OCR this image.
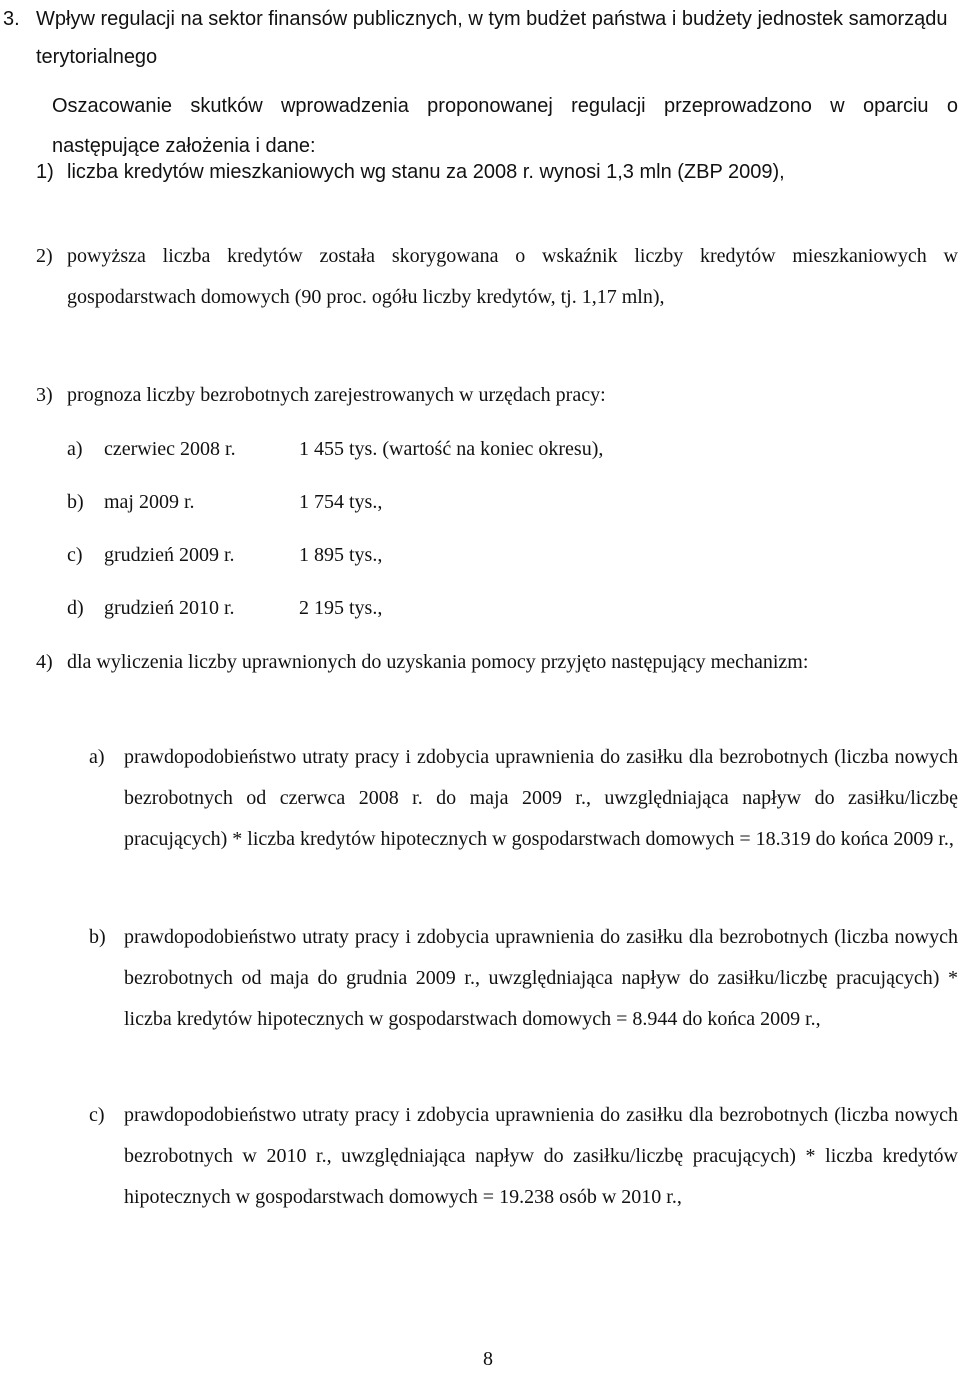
3. Wpływ regulacji na sektor finansów publicznych, w tym budżet państwa i budżety jednostek samorządu terytorialnego
Oszacowanie skutków wprowadzenia proponowanej regulacji przeprowadzono w oparciu o następujące założenia i dane:
1) liczba kredytów mieszkaniowych wg stanu za 2008 r. wynosi 1,3 mln (ZBP 2009),
2) powyższa liczba kredytów została skorygowana o wskaźnik liczby kredytów mieszkaniowych w gospodarstwach domowych (90 proc. ogółu liczby kredytów, tj. 1,17 mln),
3) prognoza liczby bezrobotnych zarejestrowanych w urzędach pracy:
a) czerwiec 2008 r.	1 455 tys. (wartość na koniec okresu),
b) maj 2009 r.	1 754 tys.,
c) grudzień 2009 r.	1 895 tys.,
d) grudzień 2010 r.	2 195 tys.,
4) dla wyliczenia liczby uprawnionych do uzyskania pomocy przyjęto następujący mechanizm:
a) prawdopodobieństwo utraty pracy i zdobycia uprawnienia do zasiłku dla bezrobotnych (liczba nowych bezrobotnych od czerwca 2008 r. do maja 2009 r., uwzględniająca napływ do zasiłku/liczbę pracujących) * liczba kredytów hipotecznych w gospodarstwach domowych = 18.319 do końca 2009 r.,
b) prawdopodobieństwo utraty pracy i zdobycia uprawnienia do zasiłku dla bezrobotnych (liczba nowych bezrobotnych od maja do grudnia 2009 r., uwzględniająca napływ do zasiłku/liczbę pracujących) * liczba kredytów hipotecznych w gospodarstwach domowych = 8.944 do końca 2009 r.,
c) prawdopodobieństwo utraty pracy i zdobycia uprawnienia do zasiłku dla bezrobotnych (liczba nowych bezrobotnych w 2010 r., uwzględniająca napływ do zasiłku/liczbę pracujących) * liczba kredytów hipotecznych w gospodarstwach domowych = 19.238 osób w 2010 r.,
8
